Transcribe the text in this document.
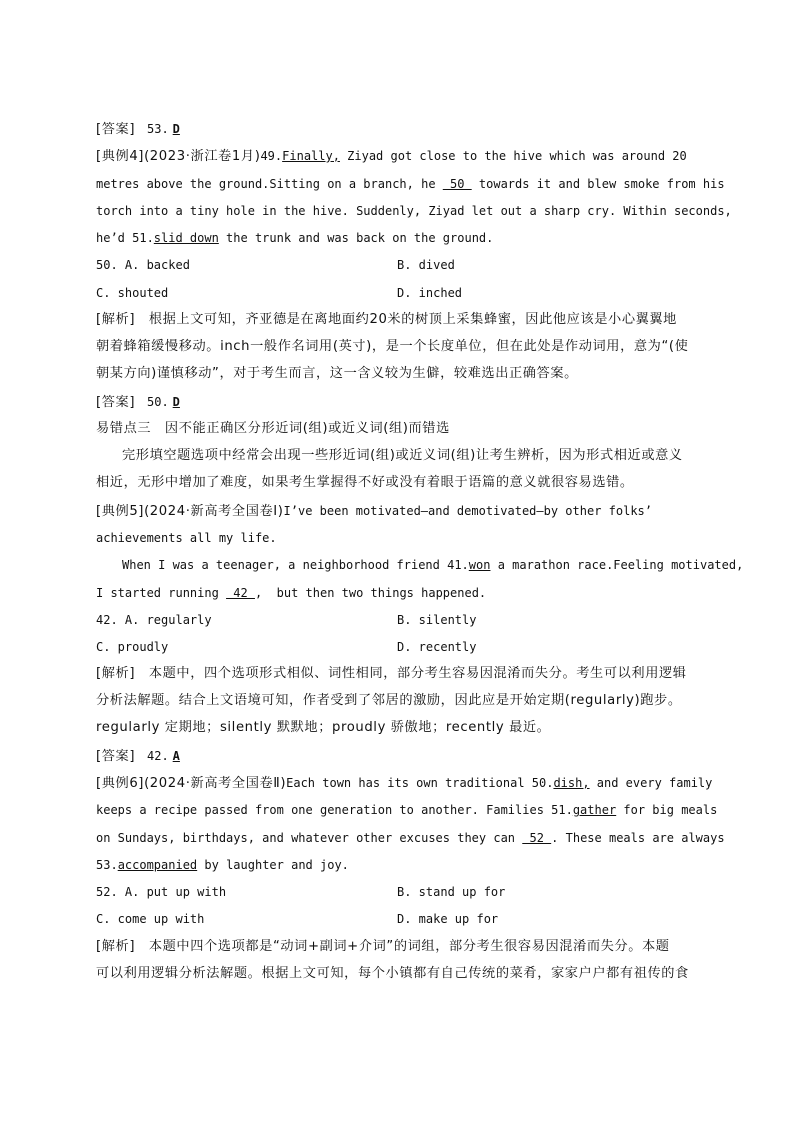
[答案] 53. D
[典例4](2023·浙江卷1月)49.Finally, Ziyad got close to the hive which was around 20
metres above the ground.Sitting on a branch, he  50  towards it and blew smoke from his
torch into a tiny hole in the hive. Suddenly, Ziyad let out a sharp cry. Within seconds,
he’d 51.slid down the trunk and was back on the ground.
50. A. backed	B. dived
C. shouted	D. inched
[解析]　根据上文可知，齐亚德是在离地面约20米的树顶上采集蜂蜜，因此他应该是小心翼翼地
朝着蜂箱缓慢移动。inch一般作名词用(英寸)，是一个长度单位，但在此处是作动词用，意为“(使
朝某方向)谨慎移动”，对于考生而言，这一含义较为生僻，较难选出正确答案。
[答案] 50. D
易错点三　因不能正确区分形近词(组)或近义词(组)而错选
完形填空题选项中经常会出现一些形近词(组)或近义词(组)让考生辨析，因为形式相近或意义
相近，无形中增加了难度，如果考生掌握得不好或没有着眼于语篇的意义就很容易选错。
[典例5](2024·新高考全国卷Ⅰ)I’ve been motivated—and demotivated—by other folks’
achievements all my life.
When I was a teenager, a neighborhood friend 41.won a marathon race.Feeling motivated,
I started running  42 ,  but then two things happened.
42. A. regularly	B. silently
C. proudly	D. recently
[解析]　本题中，四个选项形式相似、词性相同，部分考生容易因混淆而失分。考生可以利用逻辑
分析法解题。结合上文语境可知，作者受到了邻居的激励，因此应是开始定期(regularly)跑步。
regularly 定期地；silently 默默地；proudly 骄傲地；recently 最近。
[答案] 42. A
[典例6](2024·新高考全国卷Ⅱ)Each town has its own traditional 50.dish, and every family
keeps a recipe passed from one generation to another. Families 51.gather for big meals
on Sundays, birthdays, and whatever other excuses they can  52 . These meals are always
53.accompanied by laughter and joy.
52. A. put up with	B. stand up for
C. come up with	D. make up for
[解析]　本题中四个选项都是“动词+副词+介词”的词组，部分考生很容易因混淆而失分。本题
可以利用逻辑分析法解题。根据上文可知，每个小镇都有自己传统的菜肴，家家户户都有祖传的食
